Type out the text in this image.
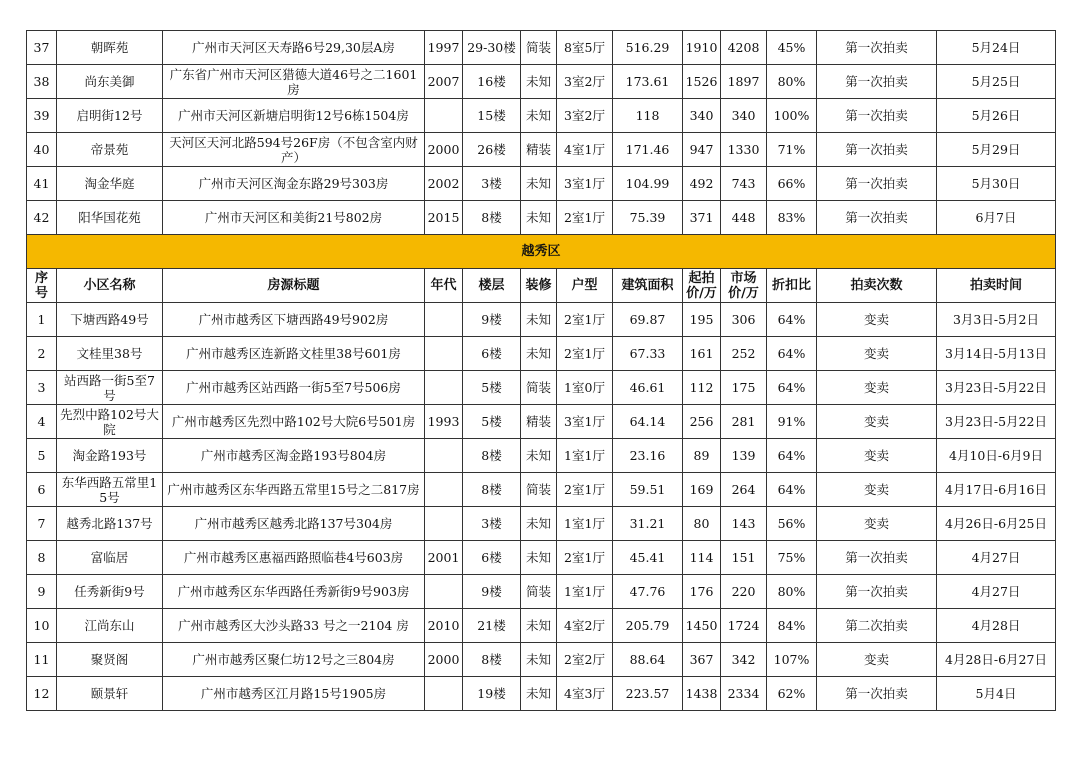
37	朝晖苑	广州市天河区天寿路6号29,30层A房	1997	29-30楼	简装	8室5厅	516.29	1910	4208	45%	第一次拍卖	5月24日
38	尚东美御	广东省广州市天河区猎德大道46号之二1601房	2007	16楼	未知	3室2厅	173.61	1526	1897	80%	第一次拍卖	5月25日
39	启明街12号	广州市天河区新塘启明街12号6栋1504房		15楼	未知	3室2厅	118	340	340	100%	第一次拍卖	5月26日
40	帝景苑	天河区天河北路594号26F房（不包含室内财产）	2000	26楼	精装	4室1厅	171.46	947	1330	71%	第一次拍卖	5月29日
41	淘金华庭	广州市天河区淘金东路29号303房	2002	3楼	未知	3室1厅	104.99	492	743	66%	第一次拍卖	5月30日
42	阳华国花苑	广州市天河区和美街21号802房	2015	8楼	未知	2室1厅	75.39	371	448	83%	第一次拍卖	6月7日
越秀区												
序号	小区名称	房源标题	年代	楼层	装修	户型	建筑面积	起拍价/万	市场价/万	折扣比	拍卖次数	拍卖时间
1	下塘西路49号	广州市越秀区下塘西路49号902房		9楼	未知	2室1厅	69.87	195	306	64%	变卖	3月3日-5月2日
2	文桂里38号	广州市越秀区连新路文桂里38号601房		6楼	未知	2室1厅	67.33	161	252	64%	变卖	3月14日-5月13日
3	站西路一街5至7号	广州市越秀区站西路一街5至7号506房		5楼	简装	1室0厅	46.61	112	175	64%	变卖	3月23日-5月22日
4	先烈中路102号大院	广州市越秀区先烈中路102号大院6号501房	1993	5楼	精装	3室1厅	64.14	256	281	91%	变卖	3月23日-5月22日
5	淘金路193号	广州市越秀区淘金路193号804房		8楼	未知	1室1厅	23.16	89	139	64%	变卖	4月10日-6月9日
6	东华西路五常里15号	广州市越秀区东华西路五常里15号之二817房		8楼	简装	2室1厅	59.51	169	264	64%	变卖	4月17日-6月16日
7	越秀北路137号	广州市越秀区越秀北路137号304房		3楼	未知	1室1厅	31.21	80	143	56%	变卖	4月26日-6月25日
8	富临居	广州市越秀区惠福西路照临巷4号603房	2001	6楼	未知	2室1厅	45.41	114	151	75%	第一次拍卖	4月27日
9	任秀新街9号	广州市越秀区东华西路任秀新街9号903房		9楼	简装	1室1厅	47.76	176	220	80%	第一次拍卖	4月27日
10	江尚东山	广州市越秀区大沙头路33 号之一2104 房	2010	21楼	未知	4室2厅	205.79	1450	1724	84%	第二次拍卖	4月28日
11	聚贤阁	广州市越秀区聚仁坊12号之三804房	2000	8楼	未知	2室2厅	88.64	367	342	107%	变卖	4月28日-6月27日
12	颐景轩	广州市越秀区江月路15号1905房		19楼	未知	4室3厅	223.57	1438	2334	62%	第一次拍卖	5月4日
